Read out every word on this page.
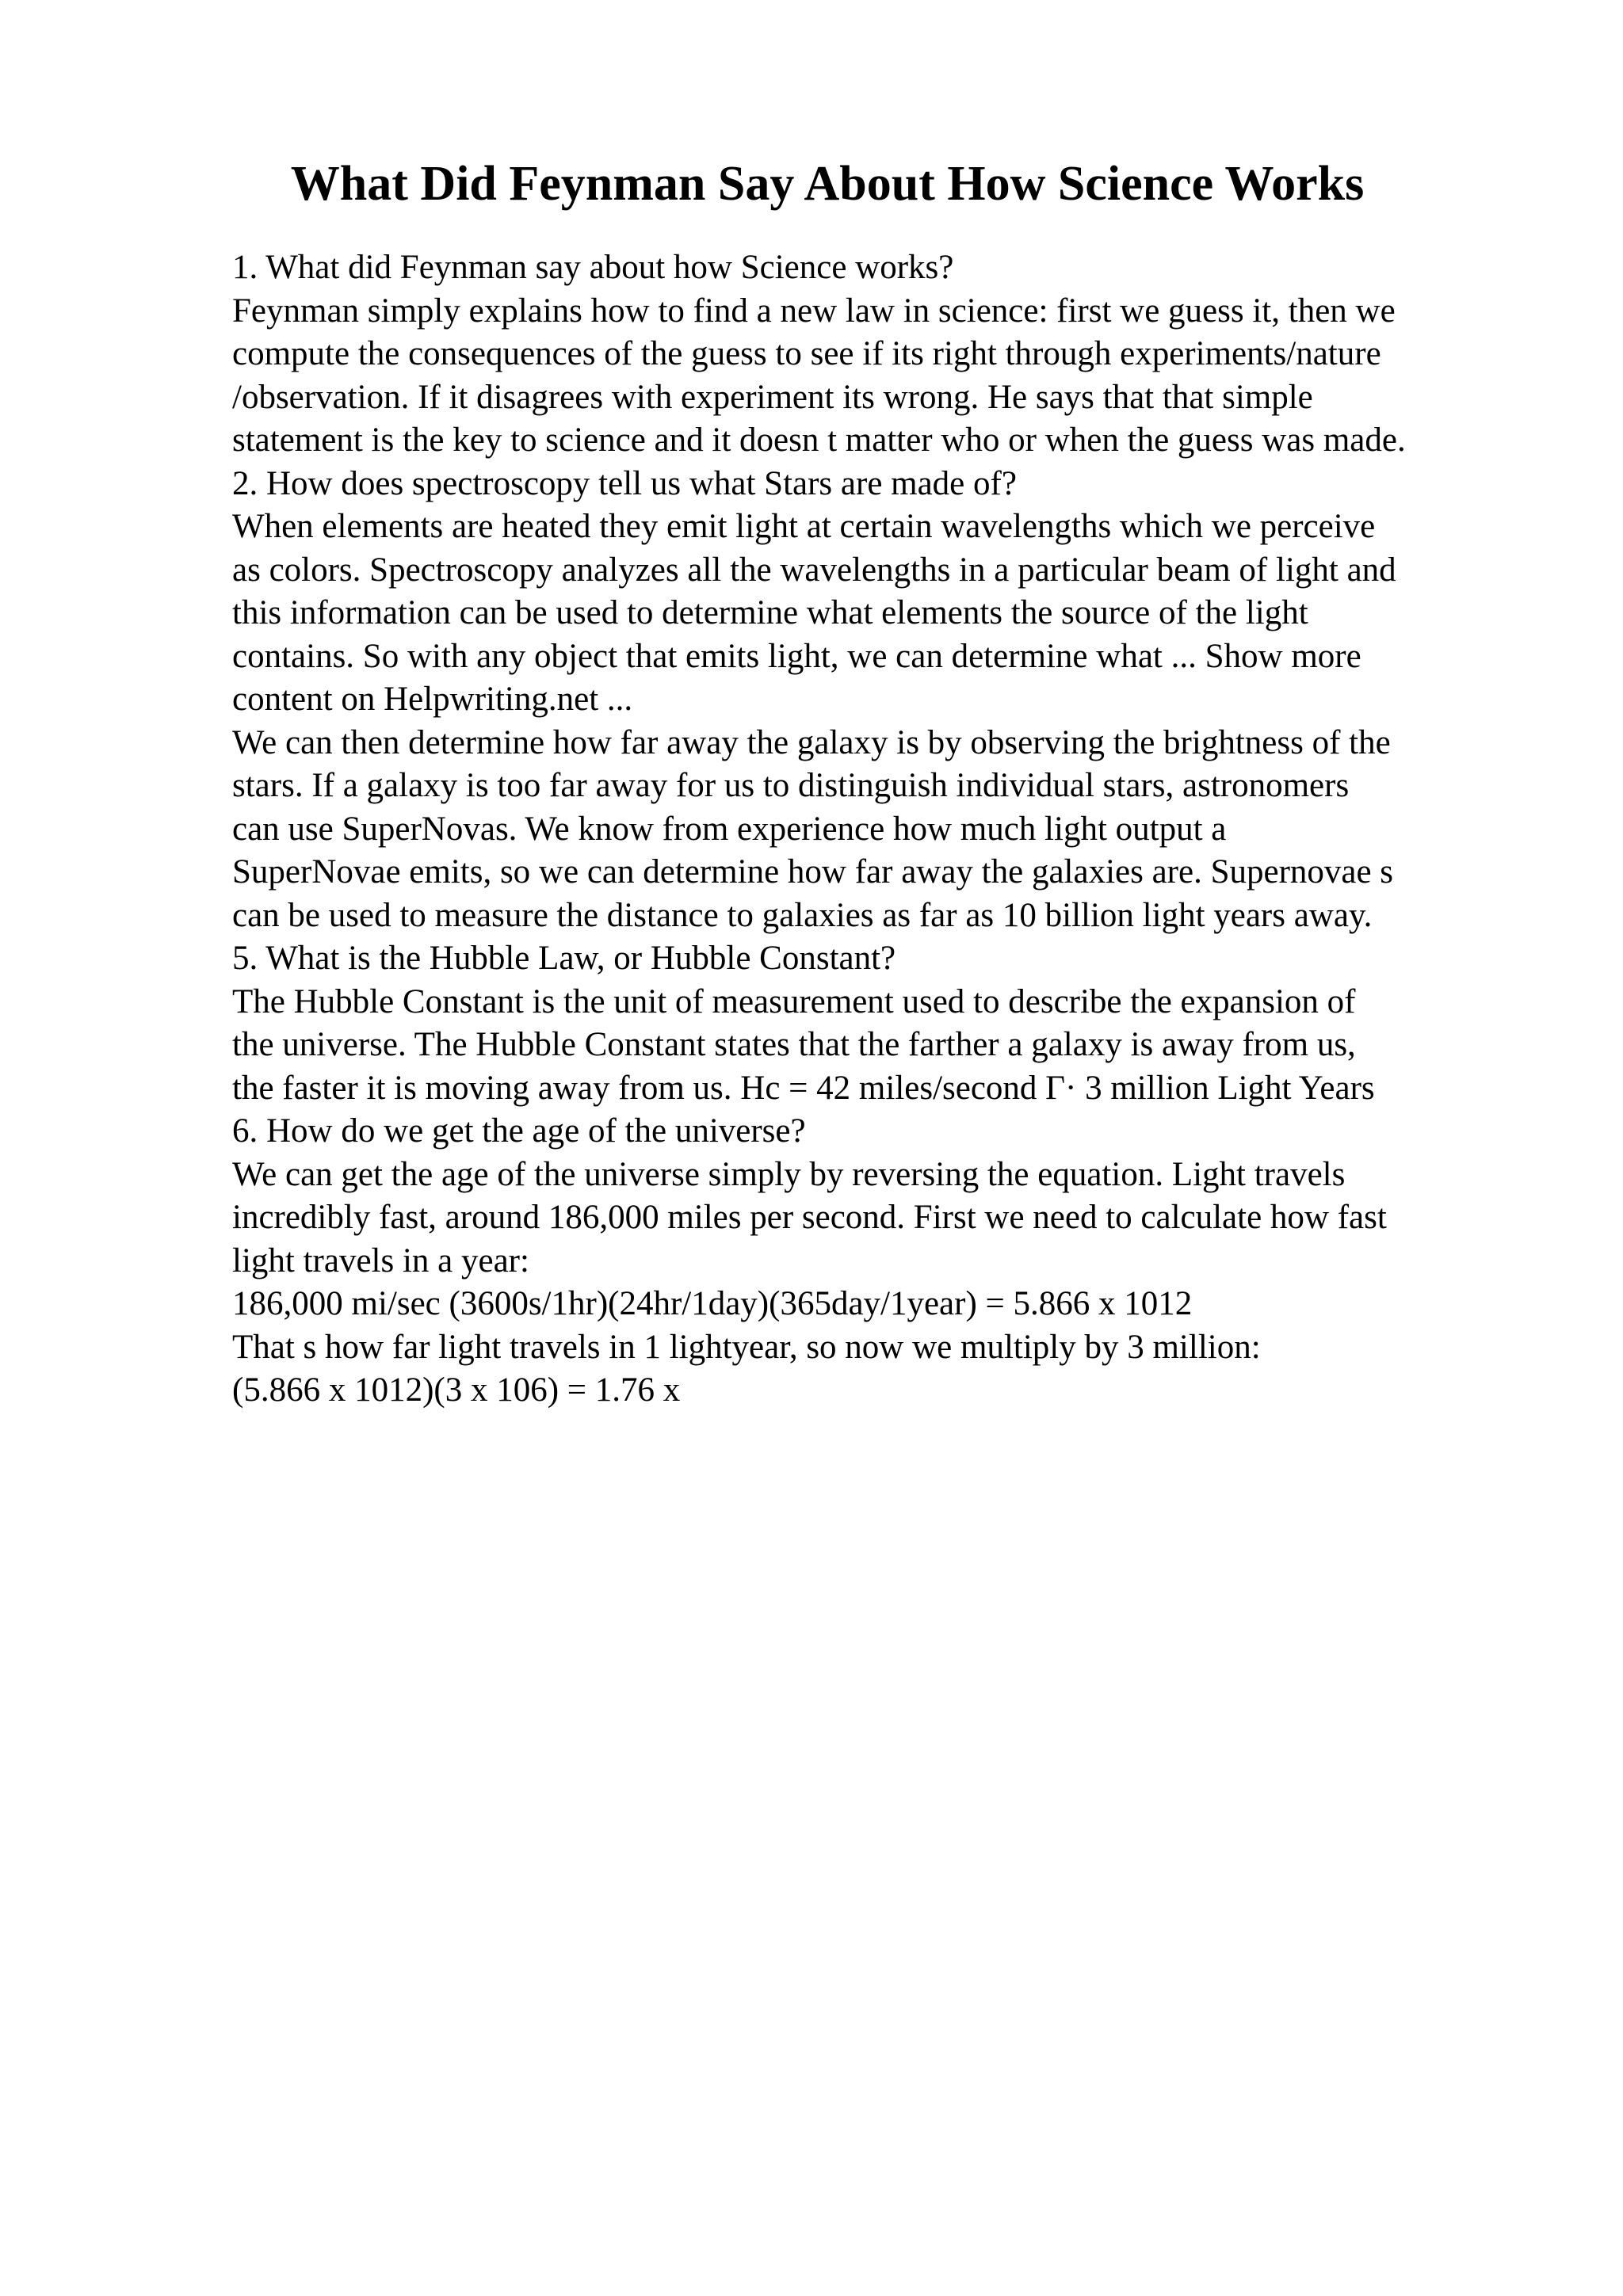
What Did Feynman Say About How Science Works
1. What did Feynman say about how Science works?
Feynman simply explains how to find a new law in science: first we guess it, then we
compute the consequences of the guess to see if its right through experiments/nature
/observation. If it disagrees with experiment its wrong. He says that that simple
statement is the key to science and it doesn t matter who or when the guess was made.
2. How does spectroscopy tell us what Stars are made of?
When elements are heated they emit light at certain wavelengths which we perceive
as colors. Spectroscopy analyzes all the wavelengths in a particular beam of light and
this information can be used to determine what elements the source of the light
contains. So with any object that emits light, we can determine what ... Show more
content on Helpwriting.net ...
We can then determine how far away the galaxy is by observing the brightness of the
stars. If a galaxy is too far away for us to distinguish individual stars, astronomers
can use SuperNovas. We know from experience how much light output a
SuperNovae emits, so we can determine how far away the galaxies are. Supernovae s
can be used to measure the distance to galaxies as far as 10 billion light years away.
5. What is the Hubble Law, or Hubble Constant?
The Hubble Constant is the unit of measurement used to describe the expansion of
the universe. The Hubble Constant states that the farther a galaxy is away from us,
the faster it is moving away from us. Hc = 42 miles/second Г· 3 million Light Years
6. How do we get the age of the universe?
We can get the age of the universe simply by reversing the equation. Light travels
incredibly fast, around 186,000 miles per second. First we need to calculate how fast
light travels in a year:
186,000 mi/sec (3600s/1hr)(24hr/1day)(365day/1year) = 5.866 x 1012
That s how far light travels in 1 lightyear, so now we multiply by 3 million:
(5.866 x 1012)(3 x 106) = 1.76 x
